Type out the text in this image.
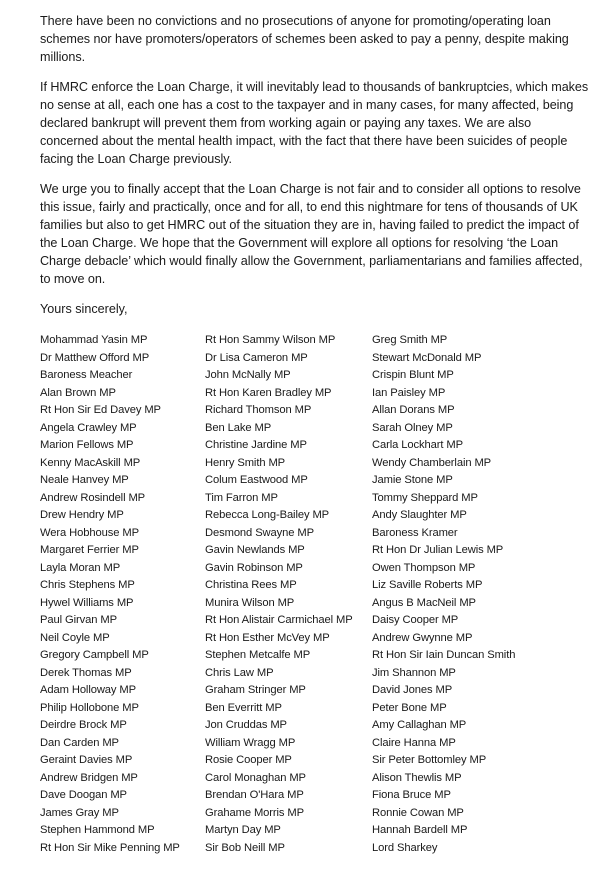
There have been no convictions and no prosecutions of anyone for promoting/operating loan schemes nor have promoters/operators of schemes been asked to pay a penny, despite making millions.

If HMRC enforce the Loan Charge, it will inevitably lead to thousands of bankruptcies, which makes no sense at all, each one has a cost to the taxpayer and in many cases, for many affected, being declared bankrupt will prevent them from working again or paying any taxes. We are also concerned about the mental health impact, with the fact that there have been suicides of people facing the Loan Charge previously.

We urge you to finally accept that the Loan Charge is not fair and to consider all options to resolve this issue, fairly and practically, once and for all, to end this nightmare for tens of thousands of UK families but also to get HMRC out of the situation they are in, having failed to predict the impact of the Loan Charge. We hope that the Government will explore all options for resolving ‘the Loan Charge debacle’ which would finally allow the Government, parliamentarians and families affected, to move on.

Yours sincerely,

Mohammad Yasin MP
Dr Matthew Offord MP
Baroness Meacher
Alan Brown MP
Rt Hon Sir Ed Davey MP
Angela Crawley MP
Marion Fellows MP
Kenny MacAskill MP
Neale Hanvey MP
Andrew Rosindell MP
Drew Hendry MP
Wera Hobhouse MP
Margaret Ferrier MP
Layla Moran MP
Chris Stephens MP
Hywel Williams MP
Paul Girvan MP
Neil Coyle MP
Gregory Campbell MP
Derek Thomas MP
Adam Holloway MP
Philip Hollobone MP
Deirdre Brock MP
Dan Carden MP
Geraint Davies MP
Andrew Bridgen MP
Dave Doogan MP
James Gray MP
Stephen Hammond MP
Rt Hon Sir Mike Penning MP
Rt Hon Sammy Wilson MP
Dr Lisa Cameron MP
John McNally MP
Rt Hon Karen Bradley MP
Richard Thomson MP
Ben Lake MP
Christine Jardine MP
Henry Smith MP
Colum Eastwood MP
Tim Farron MP
Rebecca Long-Bailey MP
Desmond Swayne MP
Gavin Newlands MP
Gavin Robinson MP
Christina Rees MP
Munira Wilson MP
Rt Hon Alistair Carmichael MP
Rt Hon Esther McVey MP
Stephen Metcalfe MP
Chris Law MP
Graham Stringer MP
Ben Everritt MP
Jon Cruddas MP
William Wragg MP
Rosie Cooper MP
Carol Monaghan MP
Brendan O'Hara MP
Grahame Morris MP
Martyn Day MP
Sir Bob Neill MP
Greg Smith MP
Stewart McDonald MP
Crispin Blunt MP
Ian Paisley MP
Allan Dorans MP
Sarah Olney MP
Carla Lockhart MP
Wendy Chamberlain MP
Jamie Stone MP
Tommy Sheppard MP
Andy Slaughter MP
Baroness Kramer
Rt Hon Dr Julian Lewis MP
Owen Thompson MP
Liz Saville Roberts MP
Angus B MacNeil MP
Daisy Cooper MP
Andrew Gwynne MP
Rt Hon Sir Iain Duncan Smith
Jim Shannon MP
David Jones MP
Peter Bone MP
Amy Callaghan MP
Claire Hanna MP
Sir Peter Bottomley MP
Alison Thewlis MP
Fiona Bruce MP
Ronnie Cowan MP
Hannah Bardell MP
Lord Sharkey
